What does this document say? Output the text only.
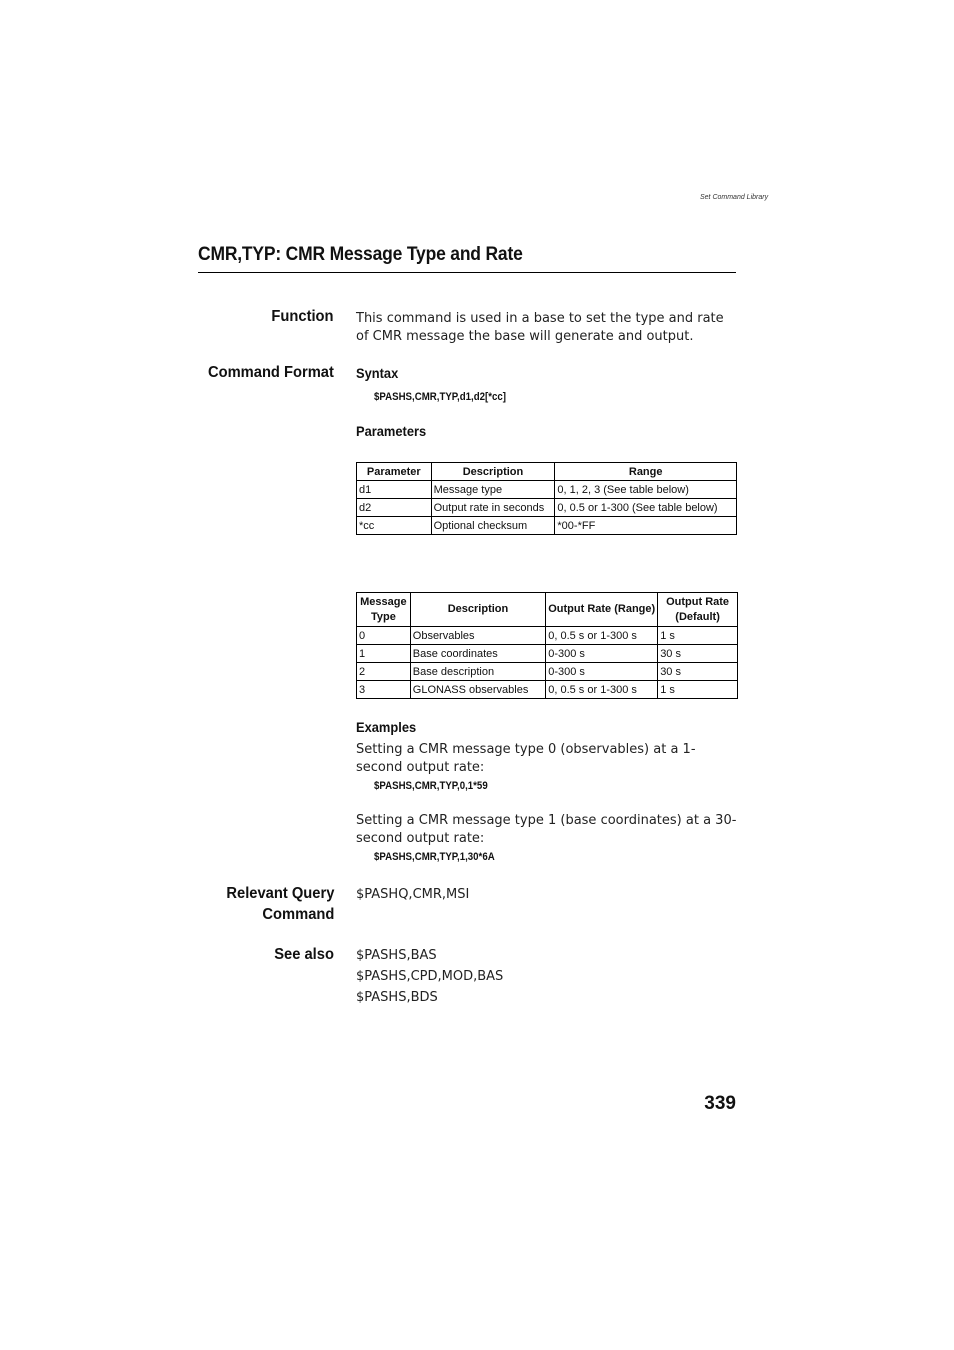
Set Command Library
CMR,TYP: CMR Message Type and Rate
Function This command is used in a base to set the type and rate of CMR message the base will generate and output.
Command Format Syntax
$PASHS,CMR,TYP,d1,d2[*cc]
Parameters
Parameter	Description	Range
d1	Message type	0, 1, 2, 3 (See table below)
d2	Output rate in seconds	0, 0.5 or 1-300 (See table below)
*cc	Optional checksum	*00-*FF
Message
Type	Description	Output Rate (Range)	Output Rate
(Default)
0	Observables	0, 0.5 s or 1-300 s	1 s
1	Base coordinates	0-300 s	30 s
2	Base description	0-300 s	30 s
3	GLONASS observables	0, 0.5 s or 1-300 s	1 s
Examples
Setting a CMR message type 0 (observables) at a 1-second output rate:
$PASHS,CMR,TYP,0,1*59
Setting a CMR message type 1 (base coordinates) at a 30-second output rate:
$PASHS,CMR,TYP,1,30*6A
Relevant Query
Command
$PASHQ,CMR,MSI
See also $PASHS,BAS
$PASHS,CPD,MOD,BAS
$PASHS,BDS
339
